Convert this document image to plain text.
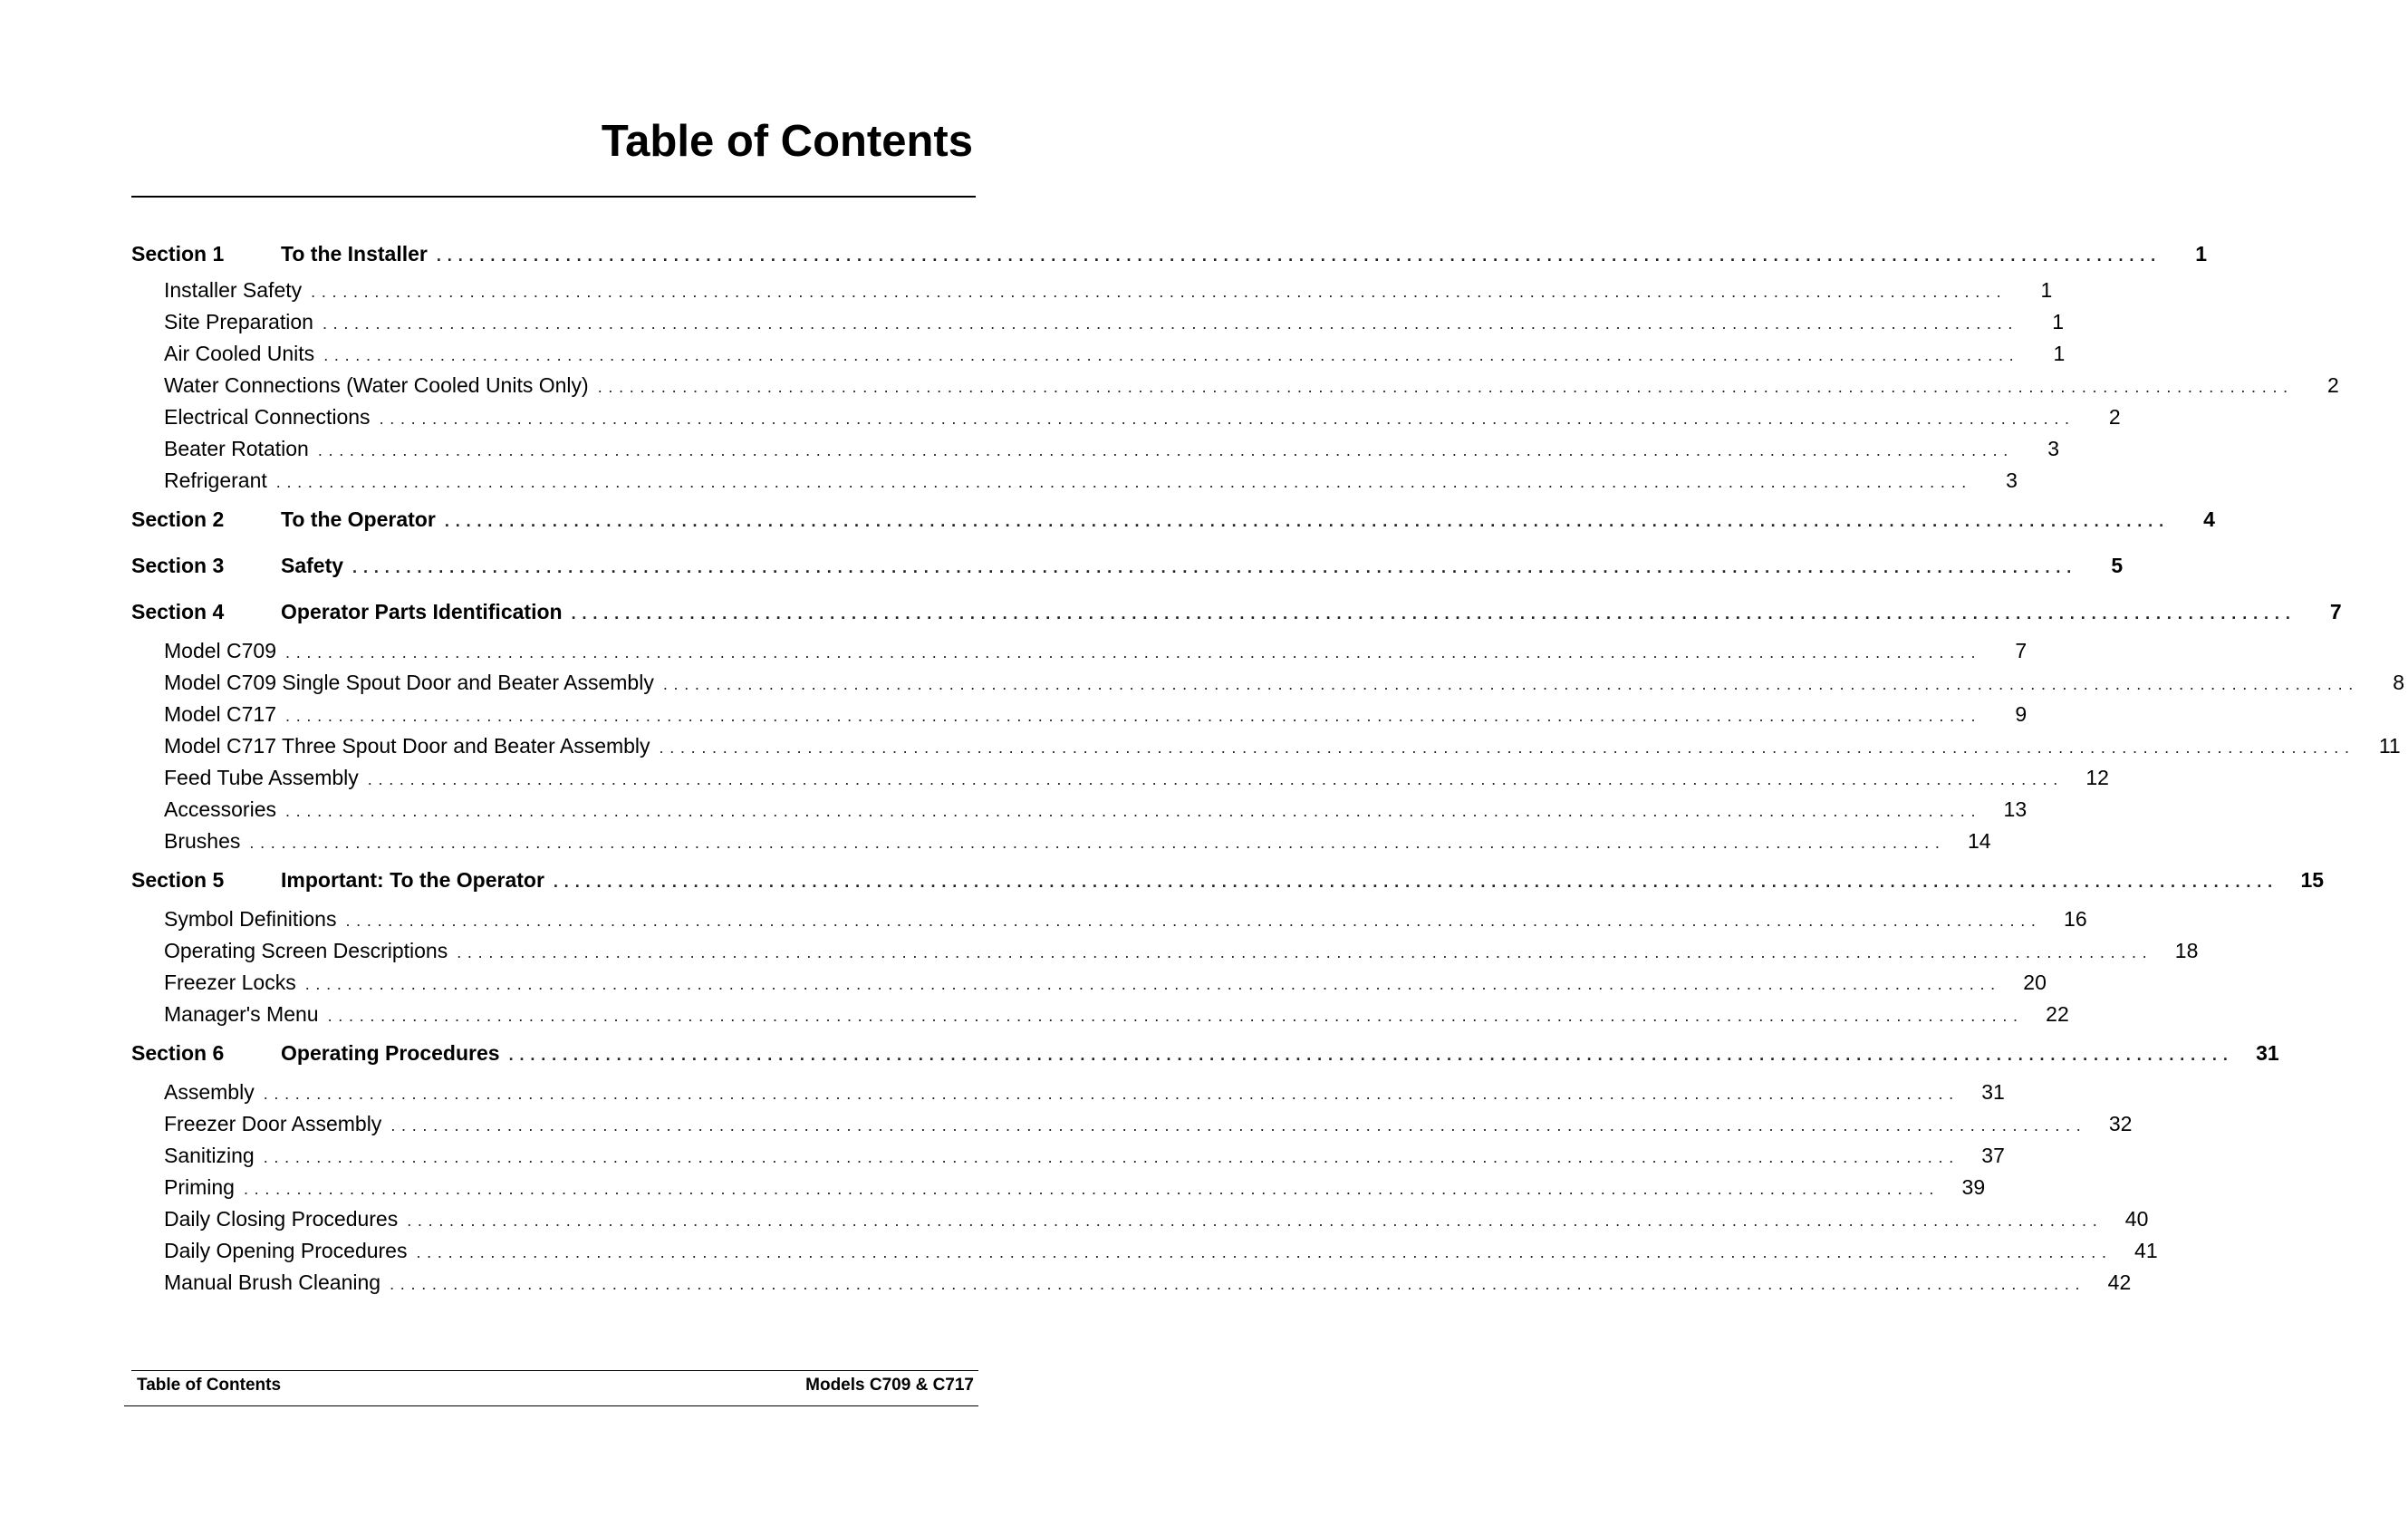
Table of Contents
Section 1	To the Installer ................................................................................................................................................................	1
Installer Safety ................................................................................................................................................................	1
Site Preparation ................................................................................................................................................................	1
Air Cooled Units ................................................................................................................................................................	1
Water Connections (Water Cooled Units Only) ................................................................................................................................................................	2
Electrical Connections ................................................................................................................................................................	2
Beater Rotation ................................................................................................................................................................	3
Refrigerant ................................................................................................................................................................	3
Section 2	To the Operator ................................................................................................................................................................	4
Section 3	Safety ................................................................................................................................................................	5
Section 4	Operator Parts Identification ................................................................................................................................................................	7
Model C709 ................................................................................................................................................................	7
Model C709 Single Spout Door and Beater Assembly ................................................................................................................................................................	8
Model C717 ................................................................................................................................................................	9
Model C717 Three Spout Door and Beater Assembly ................................................................................................................................................................	11
Feed Tube Assembly ................................................................................................................................................................	12
Accessories ................................................................................................................................................................	13
Brushes ................................................................................................................................................................	14
Section 5	Important: To the Operator ................................................................................................................................................................	15
Symbol Definitions ................................................................................................................................................................	16
Operating Screen Descriptions ................................................................................................................................................................	18
Freezer Locks ................................................................................................................................................................	20
Manager's Menu ................................................................................................................................................................	22
Section 6	Operating Procedures ................................................................................................................................................................	31
Assembly ................................................................................................................................................................	31
Freezer Door Assembly ................................................................................................................................................................	32
Sanitizing ................................................................................................................................................................	37
Priming ................................................................................................................................................................	39
Daily Closing Procedures ................................................................................................................................................................	40
Daily Opening Procedures ................................................................................................................................................................	41
Manual Brush Cleaning ................................................................................................................................................................	42
Table of Contents	Models C709 & C717
